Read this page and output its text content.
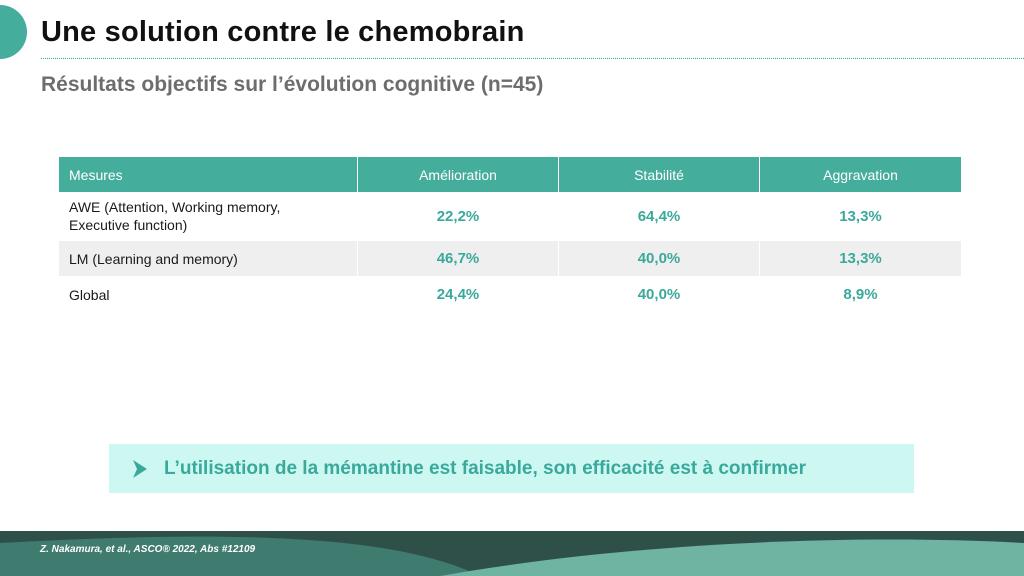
Une solution contre le chemobrain
Résultats objectifs sur l’évolution cognitive (n=45)
Mesures	Amélioration	Stabilité	Aggravation
AWE (Attention, Working memory,
Executive function)	22,2%	64,4%	13,3%
LM (Learning and memory)	46,7%	40,0%	13,3%
Global	24,4%	40,0%	8,9%
L’utilisation de la mémantine est faisable, son efficacité est à confirmer
Z. Nakamura, et al., ASCO® 2022, Abs #12109
